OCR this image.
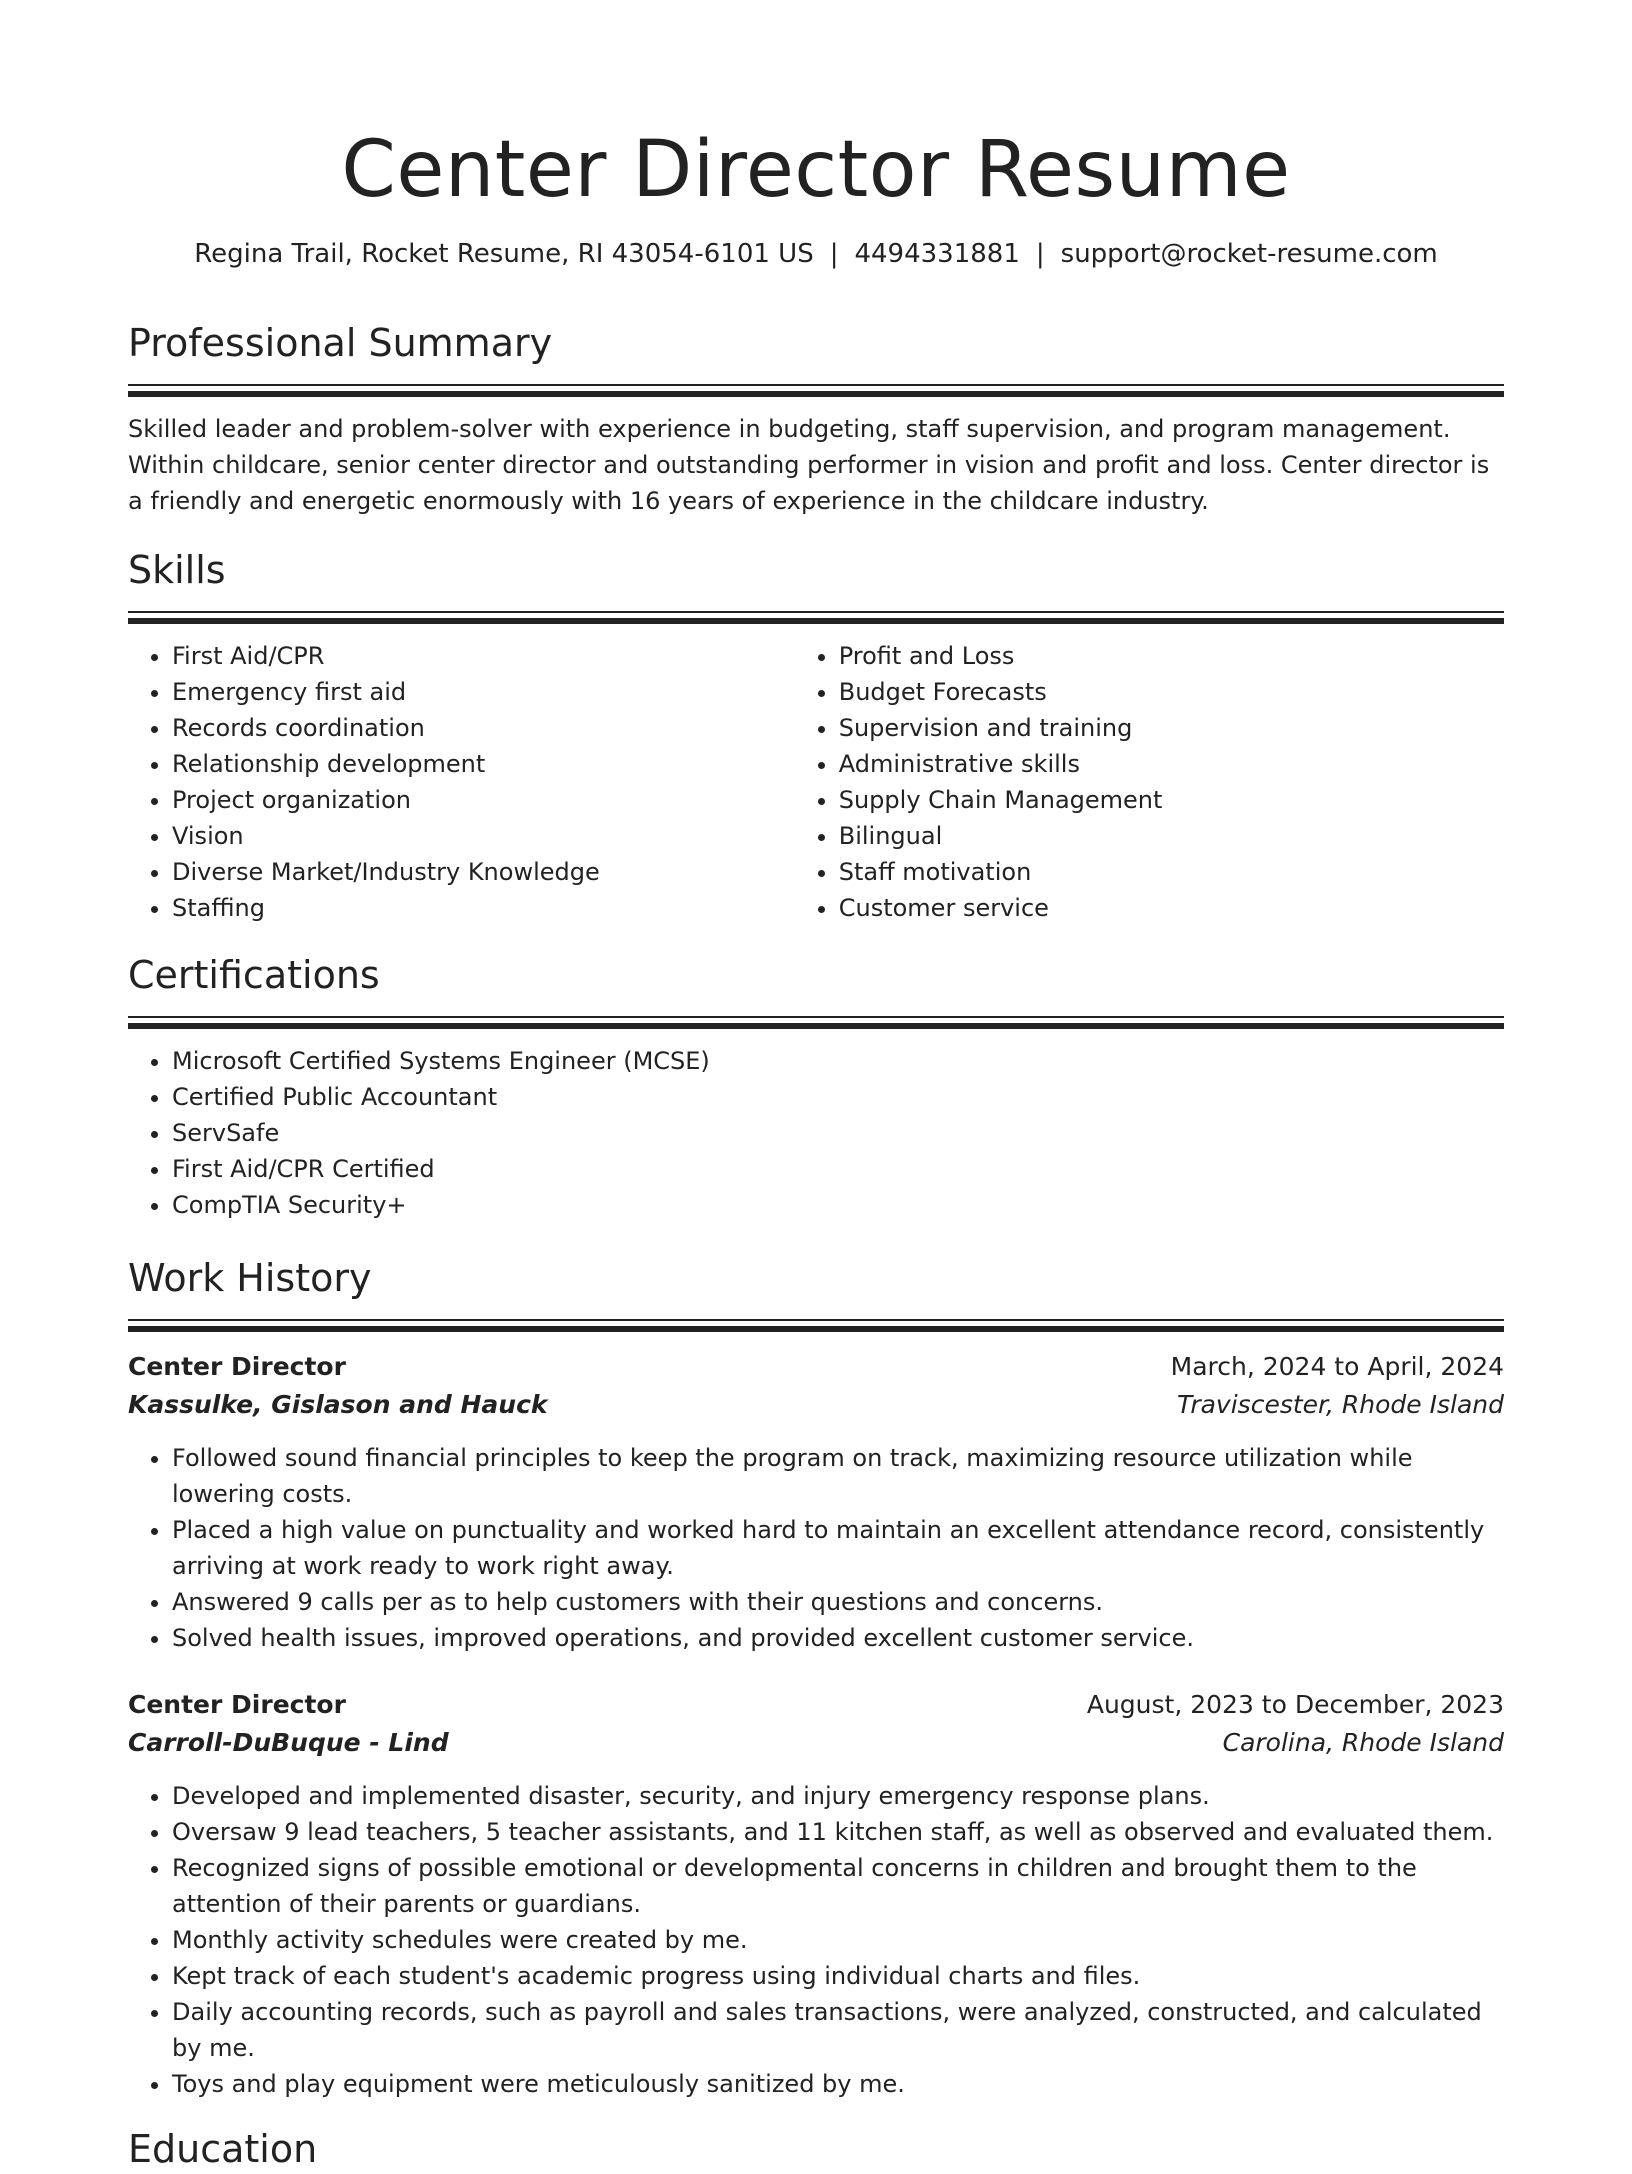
Center Director Resume
Regina Trail, Rocket Resume, RI 43054-6101 US | 4494331881 | support@rocket-resume.com
Professional Summary

Skilled leader and problem-solver with experience in budgeting, staff supervision, and program management. Within childcare, senior center director and outstanding performer in vision and profit and loss. Center director is a friendly and energetic enormously with 16 years of experience in the childcare industry.

Skills
• First Aid/CPR
• Emergency first aid
• Records coordination
• Relationship development
• Project organization
• Vision
• Diverse Market/Industry Knowledge
• Staffing
• Profit and Loss
• Budget Forecasts
• Supervision and training
• Administrative skills
• Supply Chain Management
• Bilingual
• Staff motivation
• Customer service
Certifications
• Microsoft Certified Systems Engineer (MCSE)
• Certified Public Accountant
• ServSafe
• First Aid/CPR Certified
• CompTIA Security+
Work History
Center Director	March, 2024 to April, 2024
Kassulke, Gislason and Hauck	Traviscester, Rhode Island
• Followed sound financial principles to keep the program on track, maximizing resource utilization while lowering costs.
• Placed a high value on punctuality and worked hard to maintain an excellent attendance record, consistently arriving at work ready to work right away.
• Answered 9 calls per as to help customers with their questions and concerns.
• Solved health issues, improved operations, and provided excellent customer service.
Center Director	August, 2023 to December, 2023
Carroll-DuBuque - Lind	Carolina, Rhode Island
• Developed and implemented disaster, security, and injury emergency response plans.
• Oversaw 9 lead teachers, 5 teacher assistants, and 11 kitchen staff, as well as observed and evaluated them.
• Recognized signs of possible emotional or developmental concerns in children and brought them to the attention of their parents or guardians.
• Monthly activity schedules were created by me.
• Kept track of each student's academic progress using individual charts and files.
• Daily accounting records, such as payroll and sales transactions, were analyzed, constructed, and calculated by me.
• Toys and play equipment were meticulously sanitized by me.
Education
